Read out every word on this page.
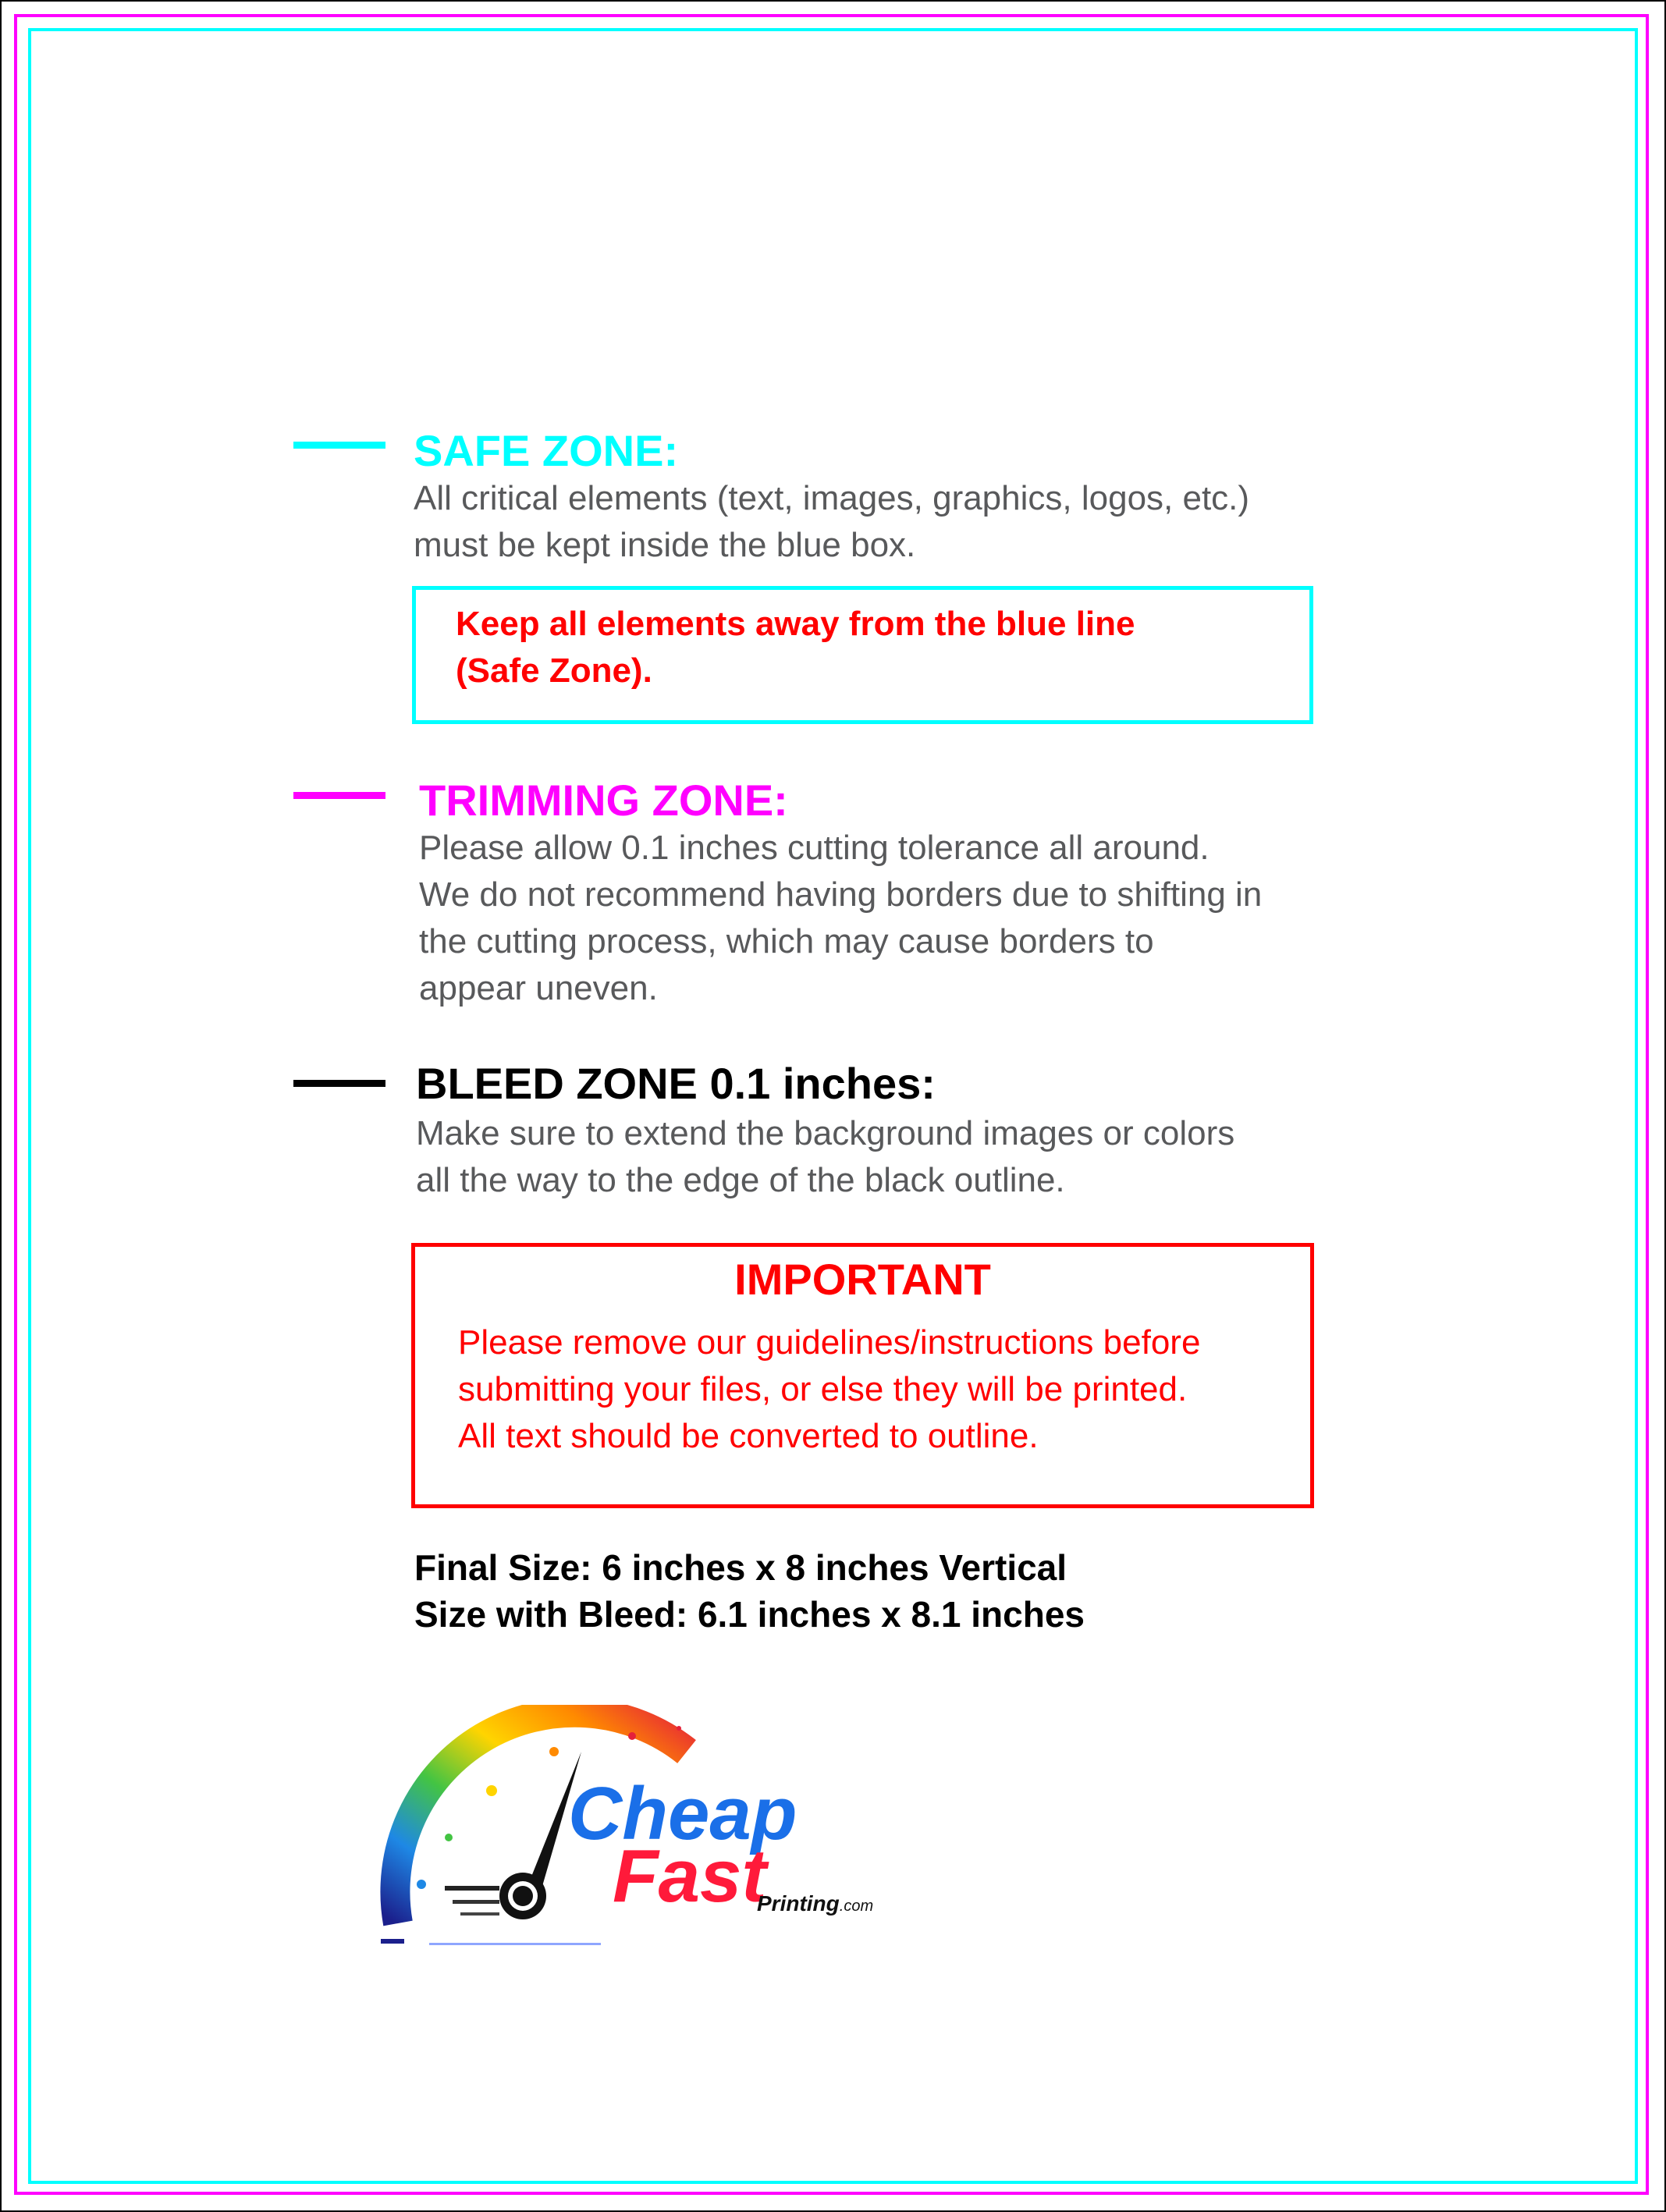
SAFE ZONE:
All critical elements (text, images, graphics, logos, etc.)
must be kept inside the blue box.
Keep all elements away from the blue line
(Safe Zone).
TRIMMING ZONE:
Please allow 0.1 inches cutting tolerance all around.
We do not recommend having borders due to shifting in
the cutting process, which may cause borders to
appear uneven.
BLEED ZONE 0.1 inches:
Make sure to extend the background images or colors
all the way to the edge of the black outline.
IMPORTANT
Please remove our guidelines/instructions before
submitting your files, or else they will be printed.
All text should be converted to outline.
Final Size: 6 inches x 8 inches Vertical
Size with Bleed: 6.1 inches x 8.1 inches
Cheap
Fast
Printing.com
